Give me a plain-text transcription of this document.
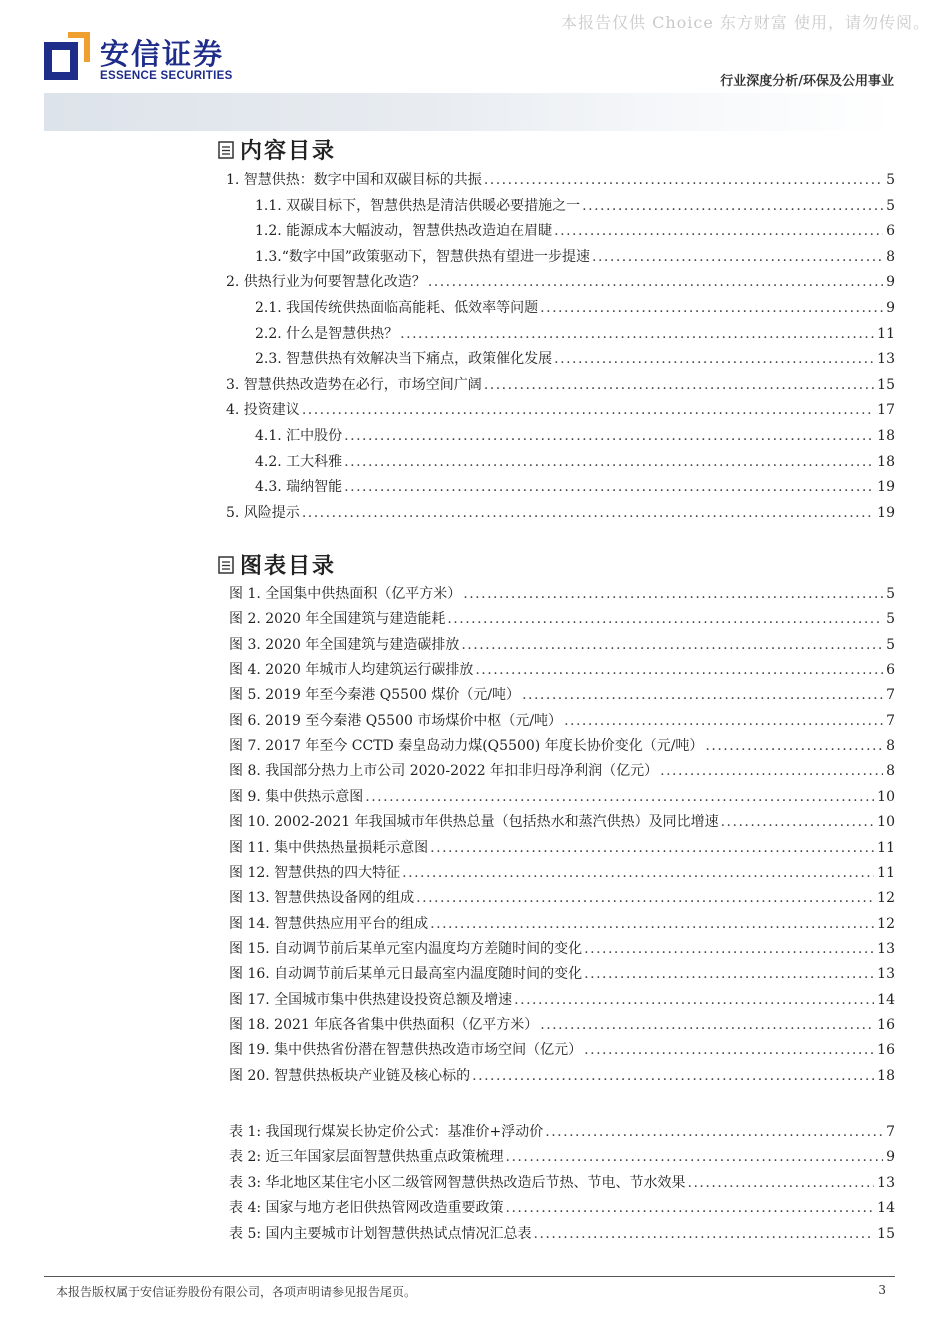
本报告仅供 Choice 东方财富 使用，请勿传阅。
安信证券
ESSENCE SECURITIES	行业深度分析/环保及公用事业
内容目录
1. 智慧供热：数字中国和双碳目标的共振 .....	5
1.1. 双碳目标下，智慧供热是清洁供暖必要措施之一 .....	5
1.2. 能源成本大幅波动，智慧供热改造迫在眉睫 .....	6
1.3.“数字中国”政策驱动下，智慧供热有望进一步提速 .....	8
2. 供热行业为何要智慧化改造？ .....	9
2.1. 我国传统供热面临高能耗、低效率等问题 .....	9
2.2. 什么是智慧供热？ .....	11
2.3. 智慧供热有效解决当下痛点，政策催化发展 .....	13
3. 智慧供热改造势在必行，市场空间广阔 .....	15
4. 投资建议 .....	17
4.1. 汇中股份 .....	18
4.2. 工大科雅 .....	18
4.3. 瑞纳智能 .....	19
5. 风险提示 .....	19
图表目录
图 1. 全国集中供热面积（亿平方米） .....	5
图 2. 2020 年全国建筑与建造能耗 .....	5
图 3. 2020 年全国建筑与建造碳排放 .....	5
图 4. 2020 年城市人均建筑运行碳排放 .....	6
图 5. 2019 年至今秦港 Q5500 煤价（元/吨） .....	7
图 6. 2019 至今秦港 Q5500 市场煤价中枢（元/吨） .....	7
图 7. 2017 年至今 CCTD 秦皇岛动力煤(Q5500) 年度长协价变化（元/吨） .....	8
图 8. 我国部分热力上市公司 2020-2022 年扣非归母净利润（亿元） .....	8
图 9. 集中供热示意图 .....	10
图 10. 2002-2021 年我国城市年供热总量（包括热水和蒸汽供热）及同比增速 .....	10
图 11. 集中供热热量损耗示意图 .....	11
图 12. 智慧供热的四大特征 .....	11
图 13. 智慧供热设备网的组成 .....	12
图 14. 智慧供热应用平台的组成 .....	12
图 15. 自动调节前后某单元室内温度均方差随时间的变化 .....	13
图 16. 自动调节前后某单元日最高室内温度随时间的变化 .....	13
图 17. 全国城市集中供热建设投资总额及增速 .....	14
图 18. 2021 年底各省集中供热面积（亿平方米） .....	16
图 19. 集中供热省份潜在智慧供热改造市场空间（亿元） .....	16
图 20. 智慧供热板块产业链及核心标的 .....	18
表 1: 我国现行煤炭长协定价公式：基准价+浮动价 .....	7
表 2: 近三年国家层面智慧供热重点政策梳理 .....	9
表 3: 华北地区某住宅小区二级管网智慧供热改造后节热、节电、节水效果 .....	13
表 4: 国家与地方老旧供热管网改造重要政策 .....	14
表 5: 国内主要城市计划智慧供热试点情况汇总表 .....	15
本报告版权属于安信证券股份有限公司，各项声明请参见报告尾页。	3
